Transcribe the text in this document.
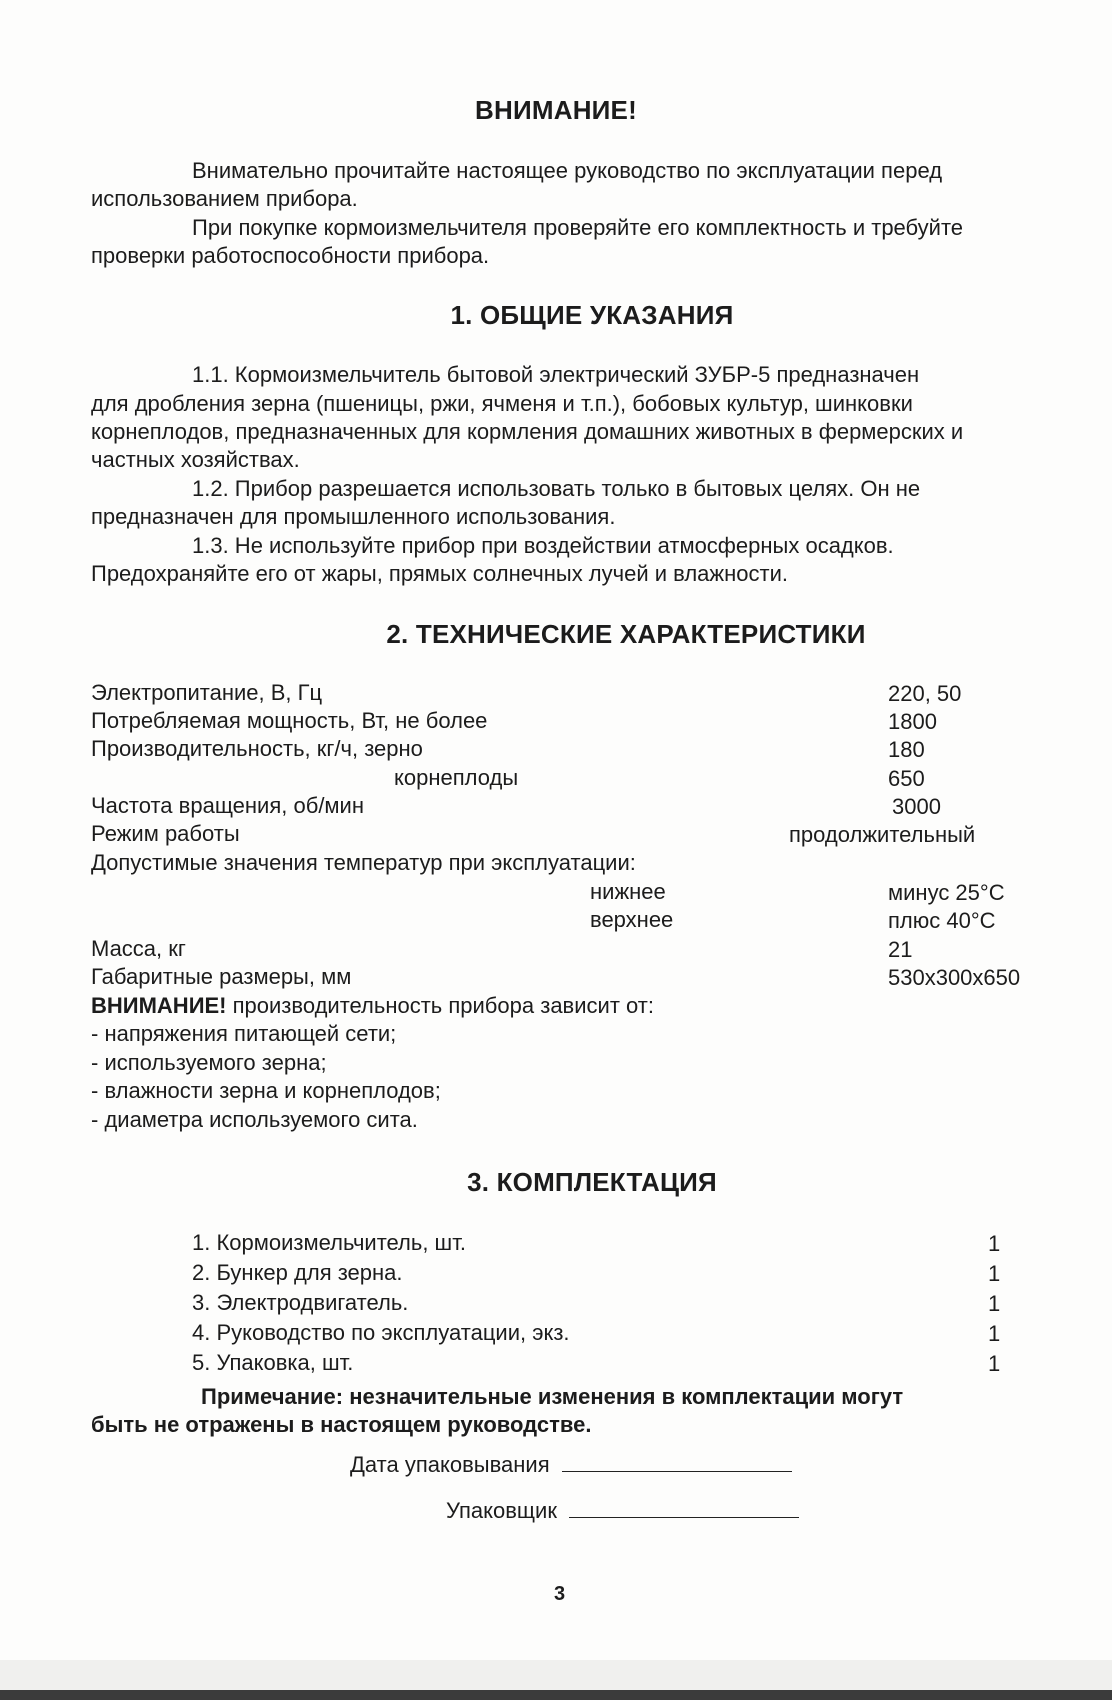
ВНИМАНИЕ!
Внимательно прочитайте настоящее руководство по эксплуатации перед
использованием прибора.
При покупке кормоизмельчителя проверяйте его комплектность и требуйте
проверки работоспособности прибора.
1. ОБЩИЕ УКАЗАНИЯ
1.1. Кормоизмельчитель бытовой электрический ЗУБР-5 предназначен
для дробления зерна (пшеницы, ржи, ячменя и т.п.), бобовых культур, шинковки
корнеплодов, предназначенных для кормления домашних животных в фермерских и
частных хозяйствах.
1.2. Прибор разрешается использовать только в бытовых целях. Он не
предназначен для промышленного использования.
1.3. Не используйте прибор при воздействии атмосферных осадков.
Предохраняйте его от жары, прямых солнечных лучей и влажности.
2. ТЕХНИЧЕСКИЕ ХАРАКТЕРИСТИКИ
Электропитание, В, Гц	220, 50
Потребляемая мощность, Вт, не более	1800
Производительность, кг/ч, зерно	180
корнеплоды	650
Частота вращения, об/мин	3000
Режим работы	продолжительный
Допустимые значения температур при эксплуатации:
нижнее	минус 25°С
верхнее	плюс 40°С
Масса, кг	21
Габаритные размеры, мм	530х300х650
ВНИМАНИЕ! производительность прибора зависит от:
- напряжения питающей сети;
- используемого зерна;
- влажности зерна и корнеплодов;
- диаметра используемого сита.
3. КОМПЛЕКТАЦИЯ
1. Кормоизмельчитель, шт.	1
2. Бункер для зерна.	1
3. Электродвигатель.	1
4. Руководство по эксплуатации, экз.	1
5. Упаковка, шт.	1
Примечание: незначительные изменения в комплектации могут
быть не отражены в настоящем руководстве.
Дата упаковывания
Упаковщик
3
